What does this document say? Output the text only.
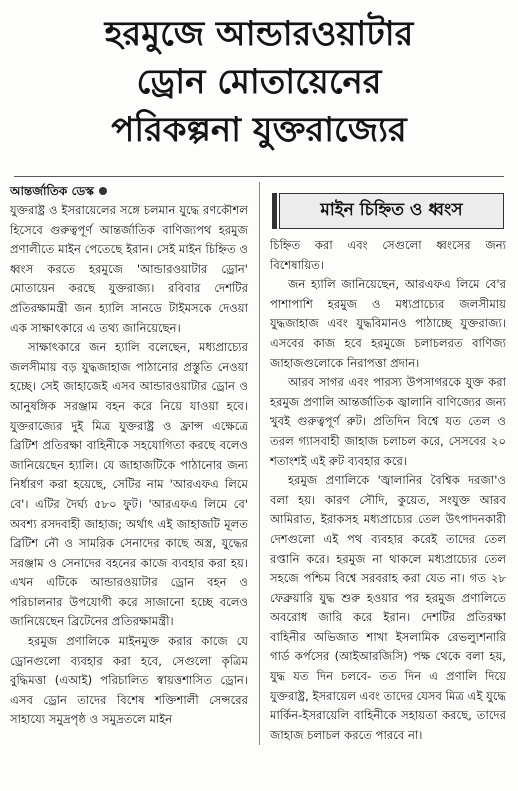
হরমুজে আন্ডারওয়াটার
ড্রোন মোতায়েনের
পরিকল্পনা যুক্তরাজ্যের
আন্তর্জাতিক ডেস্ক

যুক্তরাষ্ট্র ও ইসরায়েলের সঙ্গে চলমান যুদ্ধে রণকৌশল হিসেবে গুরুত্বপূর্ণ আন্তর্জাতিক বাণিজ্যপথ হরমুজ প্রণালীতে মাইন পেতেছে ইরান। সেই মাইন চিহ্নিত ও ধ্বংস করতে হরমুজে 'আন্ডারওয়াটার ড্রোন' মোতায়েন করছে যুক্তরাজ্য। রবিবার দেশটির প্রতিরক্ষামন্ত্রী জন হ্যালি সানডে টাইমসকে দেওয়া এক সাক্ষাৎকারে এ তথ্য জানিয়েছেন।

সাক্ষাৎকারে জন হ্যালি বলেছেন, মধ্যপ্রাচ্যের জলসীমায় বড় যুদ্ধজাহাজ পাঠানোর প্রস্তুতি নেওয়া হচ্ছে। সেই জাহাজেই এসব আন্ডারওয়াটার ড্রোন ও আনুষঙ্গিক সরঞ্জাম বহন করে নিয়ে যাওয়া হবে। যুক্তরাজ্যের দুই মিত্র যুক্তরাষ্ট্র ও ফ্রান্স এক্ষেত্রে ব্রিটিশ প্রতিরক্ষা বাহিনীকে সহযোগিতা করছে বলেও জানিয়েছেন হ্যালি। যে জাহাজটিকে পাঠানোর জন্য নির্ধারণ করা হয়েছে, সেটির নাম 'আরএফএ লিমে বে'। এটির দৈর্ঘ্য ৫৮০ ফুট। 'আরএফএ লিমে বে' অবশ্য রসদবাহী জাহাজ; অর্থাৎ এই জাহাজটি মূলত ব্রিটিশ নৌ ও সামরিক সেনাদের কাছে অস্ত্র, যুদ্ধের সরঞ্জাম ও সেনাদের বহনের কাজে ব্যবহার করা হয়। এখন এটিকে আন্ডারওয়াটার ড্রোন বহন ও পরিচালনার উপযোগী করে সাজানো হচ্ছে বলেও জানিয়েছেন ব্রিটেনের প্রতিরক্ষামন্ত্রী।

হরমুজ প্রণালিকে মাইনমুক্ত করার কাজে যে ড্রোনগুলো ব্যবহার করা হবে, সেগুলো কৃত্রিম বুদ্ধিমত্তা (এআই) পরিচালিত স্বায়ত্তশাসিত ড্রোন। এসব ড্রোন তাদের বিশেষ শক্তিশালী সেন্সরের সাহায্যে সমুদ্রপৃষ্ঠ ও সমুদ্রতলে মাইন

মাইন চিহ্নিত ও ধ্বংস

চিহ্নিত করা এবং সেগুলো ধ্বংসের জন্য বিশেষায়িত।

জন হ্যালি জানিয়েছেন, আরএফএ লিমে বে'র পাশাপাশি হরমুজ ও মধ্যপ্রাচ্যের জলসীমায় যুদ্ধজাহাজ এবং যুদ্ধবিমানও পাঠাচ্ছে যুক্তরাজ্য। এসবের কাজ হবে হরমুজে চলাচলরত বাণিজ্য জাহাজগুলোকে নিরাপত্তা প্রদান।

আরব সাগর এবং পারস্য উপসাগরকে যুক্ত করা হরমুজ প্রণালি আন্তর্জাতিক জ্বালানি বাণিজ্যের জন্য খুবই গুরুত্বপূর্ণ রুট। প্রতিদিন বিশ্বে যত তেল ও তরল গ্যাসবাহী জাহাজ চলাচল করে, সেসবের ২০ শতাংশই এই রুট ব্যবহার করে।

হরমুজ প্রণালিকে 'জ্বালানির বৈশ্বিক দরজা'ও বলা হয়। কারণ সৌদি, কুয়েত, সংযুক্ত আরব আমিরাত, ইরাকসহ মধ্যপ্রাচ্যের তেল উৎপাদনকারী দেশগুলো এই পথ ব্যবহার করেই তাদের তেল রপ্তানি করে। হরমুজ না থাকলে মধ্যপ্রাচ্যের তেল সহজে পশ্চিম বিশ্বে সরবরাহ করা যেত না। গত ২৮ ফেব্রুয়ারি যুদ্ধ শুরু হওয়ার পর হরমুজ প্রণালিতে অবরোধ জারি করে ইরান। দেশটির প্রতিরক্ষা বাহিনীর অভিজাত শাখা ইসলামিক রেভল্যুশনারি গার্ড কর্পসের (আইআরজিসি) পক্ষ থেকে বলা হয়, যুদ্ধ যত দিন চলবে- তত দিন এ প্রণালি দিয়ে যুক্তরাষ্ট্র, ইসরায়েল এবং তাদের যেসব মিত্র এই যুদ্ধে মার্কিন-ইসরায়েলি বাহিনীকে সহায়তা করছে, তাদের জাহাজ চলাচল করতে পারবে না।
